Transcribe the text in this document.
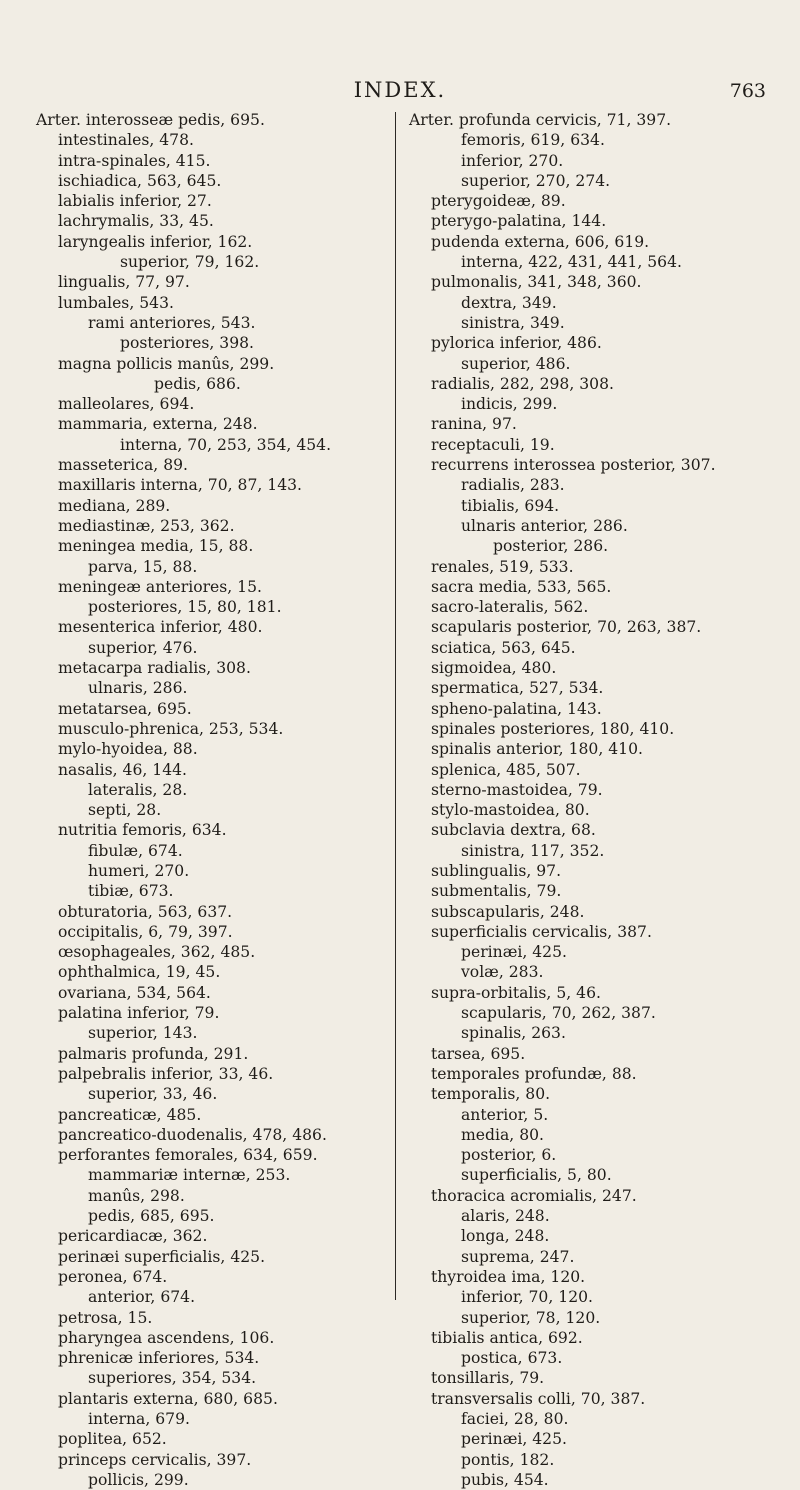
INDEX.	763
Arter. interosseæ pedis, 695.
intestinales, 478.
intra-spinales, 415.
ischiadica, 563, 645.
labialis inferior, 27.
lachrymalis, 33, 45.
laryngealis inferior, 162.
superior, 79, 162.
lingualis, 77, 97.
lumbales, 543.
rami anteriores, 543.
posteriores, 398.
magna pollicis manûs, 299.
pedis, 686.
malleolares, 694.
mammaria, externa, 248.
interna, 70, 253, 354, 454.
masseterica, 89.
maxillaris interna, 70, 87, 143.
mediana, 289.
mediastinæ, 253, 362.
meningea media, 15, 88.
parva, 15, 88.
meningeæ anteriores, 15.
posteriores, 15, 80, 181.
mesenterica inferior, 480.
superior, 476.
metacarpa radialis, 308.
ulnaris, 286.
metatarsea, 695.
musculo-phrenica, 253, 534.
mylo-hyoidea, 88.
nasalis, 46, 144.
lateralis, 28.
septi, 28.
nutritia femoris, 634.
fibulæ, 674.
humeri, 270.
tibiæ, 673.
obturatoria, 563, 637.
occipitalis, 6, 79, 397.
œsophageales, 362, 485.
ophthalmica, 19, 45.
ovariana, 534, 564.
palatina inferior, 79.
superior, 143.
palmaris profunda, 291.
palpebralis inferior, 33, 46.
superior, 33, 46.
pancreaticæ, 485.
pancreatico-duodenalis, 478, 486.
perforantes femorales, 634, 659.
mammariæ internæ, 253.
manûs, 298.
pedis, 685, 695.
pericardiacæ, 362.
perinæi superficialis, 425.
peronea, 674.
anterior, 674.
petrosa, 15.
pharyngea ascendens, 106.
phrenicæ inferiores, 534.
superiores, 354, 534.
plantaris externa, 680, 685.
interna, 679.
poplitea, 652.
princeps cervicalis, 397.
pollicis, 299.
Arter. profunda cervicis, 71, 397.
femoris, 619, 634.
inferior, 270.
superior, 270, 274.
pterygoideæ, 89.
pterygo-palatina, 144.
pudenda externa, 606, 619.
interna, 422, 431, 441, 564.
pulmonalis, 341, 348, 360.
dextra, 349.
sinistra, 349.
pylorica inferior, 486.
superior, 486.
radialis, 282, 298, 308.
indicis, 299.
ranina, 97.
receptaculi, 19.
recurrens interossea posterior, 307.
radialis, 283.
tibialis, 694.
ulnaris anterior, 286.
posterior, 286.
renales, 519, 533.
sacra media, 533, 565.
sacro-lateralis, 562.
scapularis posterior, 70, 263, 387.
sciatica, 563, 645.
sigmoidea, 480.
spermatica, 527, 534.
spheno-palatina, 143.
spinales posteriores, 180, 410.
spinalis anterior, 180, 410.
splenica, 485, 507.
sterno-mastoidea, 79.
stylo-mastoidea, 80.
subclavia dextra, 68.
sinistra, 117, 352.
sublingualis, 97.
submentalis, 79.
subscapularis, 248.
superficialis cervicalis, 387.
perinæi, 425.
volæ, 283.
supra-orbitalis, 5, 46.
scapularis, 70, 262, 387.
spinalis, 263.
tarsea, 695.
temporales profundæ, 88.
temporalis, 80.
anterior, 5.
media, 80.
posterior, 6.
superficialis, 5, 80.
thoracica acromialis, 247.
alaris, 248.
longa, 248.
suprema, 247.
thyroidea ima, 120.
inferior, 70, 120.
superior, 78, 120.
tibialis antica, 692.
postica, 673.
tonsillaris, 79.
transversalis colli, 70, 387.
faciei, 28, 80.
perinæi, 425.
pontis, 182.
pubis, 454.
